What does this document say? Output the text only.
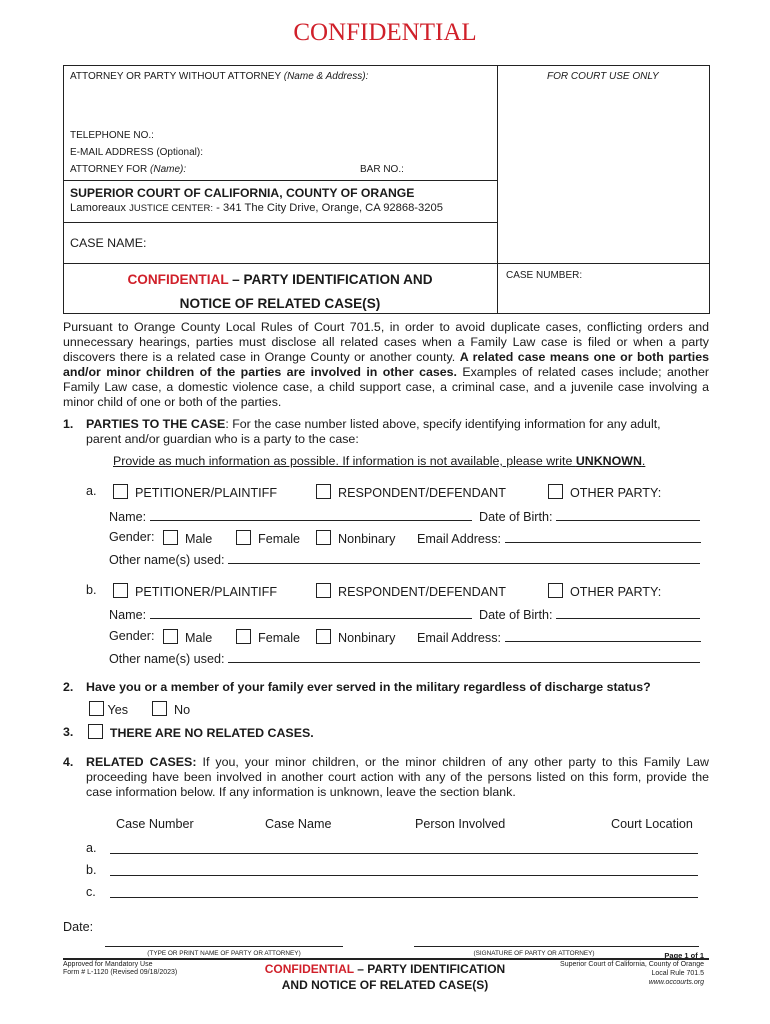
CONFIDENTIAL
ATTORNEY OR PARTY WITHOUT ATTORNEY (Name & Address):	FOR COURT USE ONLY
TELEPHONE NO.:
E-MAIL ADDRESS (Optional):
ATTORNEY FOR (Name):	BAR NO.:
SUPERIOR COURT OF CALIFORNIA, COUNTY OF ORANGE
Lamoreaux JUSTICE CENTER: - 341 The City Drive, Orange, CA 92868-3205
CASE NAME:
CONFIDENTIAL – PARTY IDENTIFICATION AND
NOTICE OF RELATED CASE(S)
CASE NUMBER:
Pursuant to Orange County Local Rules of Court 701.5, in order to avoid duplicate cases, conflicting orders and unnecessary hearings, parties must disclose all related cases when a Family Law case is filed or when a party discovers there is a related case in Orange County or another county. A related case means one or both parties and/or minor children of the parties are involved in other cases. Examples of related cases include; another Family Law case, a domestic violence case, a child support case, a criminal case, and a juvenile case involving a minor child of one or both of the parties.
1. PARTIES TO THE CASE: For the case number listed above, specify identifying information for any adult,
parent and/or guardian who is a party to the case:
Provide as much information as possible. If information is not available, please write UNKNOWN.
a.	PETITIONER/PLAINTIFF	RESPONDENT/DEFENDANT	OTHER PARTY:
Name:	Date of Birth:
Gender:	Male	Female	Nonbinary Email Address:
Other name(s) used:
b.	PETITIONER/PLAINTIFF	RESPONDENT/DEFENDANT	OTHER PARTY:
Name:	Date of Birth:
Gender:	Male	Female	Nonbinary Email Address:
Other name(s) used:
2. Have you or a member of your family ever served in the military regardless of discharge status?
Yes	No
3.	THERE ARE NO RELATED CASES.
4. RELATED CASES: If you, your minor children, or the minor children of any other party to this Family Law proceeding have been involved in another court action with any of the persons listed on this form, provide the case information below. If any information is unknown, leave the section blank.
Case Number	Case Name	Person Involved	Court Location
a.
b.
c.
Date:
(TYPE OR PRINT NAME OF PARTY OR ATTORNEY)	(SIGNATURE OF PARTY OR ATTORNEY)
Approved for Mandatory Use
Form # L-1120 (Revised 09/18/2023)	CONFIDENTIAL – PARTY IDENTIFICATION
AND NOTICE OF RELATED CASE(S)
Page 1 of 1
Superior Court of California, County of Orange
Local Rule 701.5
www.occourts.org
